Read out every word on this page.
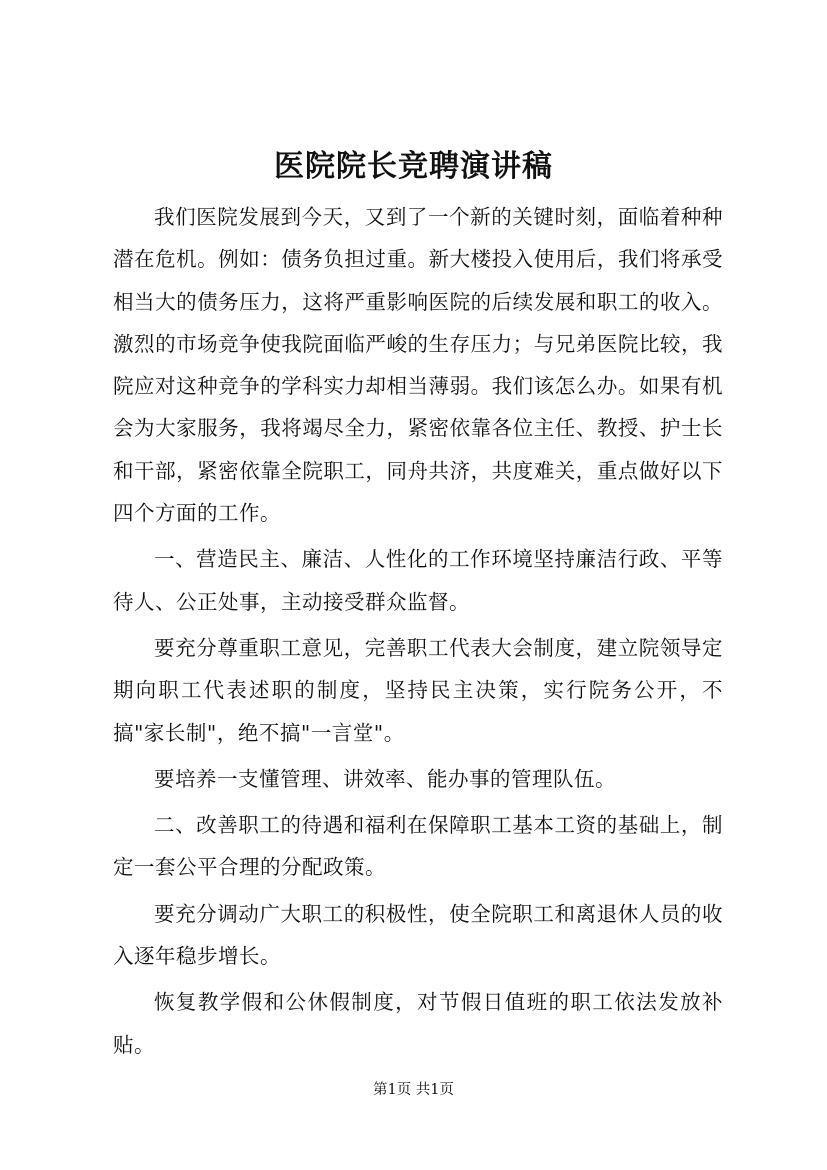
医院院长竞聘演讲稿

我们医院发展到今天，又到了一个新的关键时刻，面临着种种潜在危机。例如：债务负担过重。新大楼投入使用后，我们将承受相当大的债务压力，这将严重影响医院的后续发展和职工的收入。激烈的市场竞争使我院面临严峻的生存压力；与兄弟医院比较，我院应对这种竞争的学科实力却相当薄弱。我们该怎么办。如果有机会为大家服务，我将竭尽全力，紧密依靠各位主任、教授、护士长和干部，紧密依靠全院职工，同舟共济，共度难关，重点做好以下四个方面的工作。

一、营造民主、廉洁、人性化的工作环境坚持廉洁行政、平等待人、公正处事，主动接受群众监督。

要充分尊重职工意见，完善职工代表大会制度，建立院领导定期向职工代表述职的制度，坚持民主决策，实行院务公开，不搞"家长制"，绝不搞"一言堂"。

要培养一支懂管理、讲效率、能办事的管理队伍。

二、改善职工的待遇和福利在保障职工基本工资的基础上，制定一套公平合理的分配政策。

要充分调动广大职工的积极性，使全院职工和离退休人员的收入逐年稳步增长。

恢复教学假和公休假制度，对节假日值班的职工依法发放补贴。

第1页 共1页
